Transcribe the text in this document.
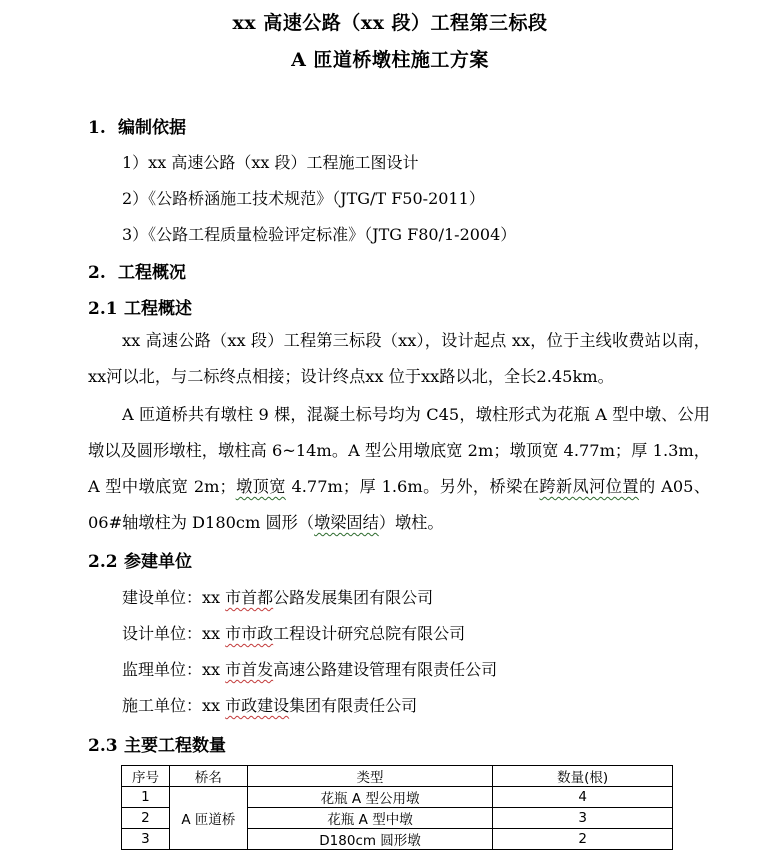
xx 高速公路（xx 段）工程第三标段
A 匝道桥墩柱施工方案
1. 编制依据
1）xx 高速公路（xx 段）工程施工图设计
2）《公路桥涵施工技术规范》（JTG/T F50-2011）
3）《公路工程质量检验评定标准》（JTG F80/1-2004）
2. 工程概况
2.1 工程概述
xx 高速公路（xx 段）工程第三标段（xx），设计起点 xx，位于主线收费站以南，xx河以北，与二标终点相接；设计终点xx 位于xx路以北，全长2.45km。
A 匝道桥共有墩柱 9 棵，混凝土标号均为 C45，墩柱形式为花瓶 A 型中墩、公用墩以及圆形墩柱，墩柱高 6~14m。A 型公用墩底宽 2m；墩顶宽 4.77m；厚 1.3m，A 型中墩底宽 2m；墩顶宽 4.77m；厚 1.6m。另外，桥梁在跨新凤河位置的 A05、06#轴墩柱为 D180cm 圆形（墩梁固结）墩柱。
2.2 参建单位
建设单位：xx 市首都公路发展集团有限公司
设计单位：xx 市市政工程设计研究总院有限公司
监理单位：xx 市首发高速公路建设管理有限责任公司
施工单位：xx 市政建设集团有限责任公司
2.3 主要工程数量
序号	桥名	类型	数量(根)
1	A 匝道桥	花瓶 A 型公用墩	4
2		花瓶 A 型中墩	3
3		D180cm 圆形墩	2
